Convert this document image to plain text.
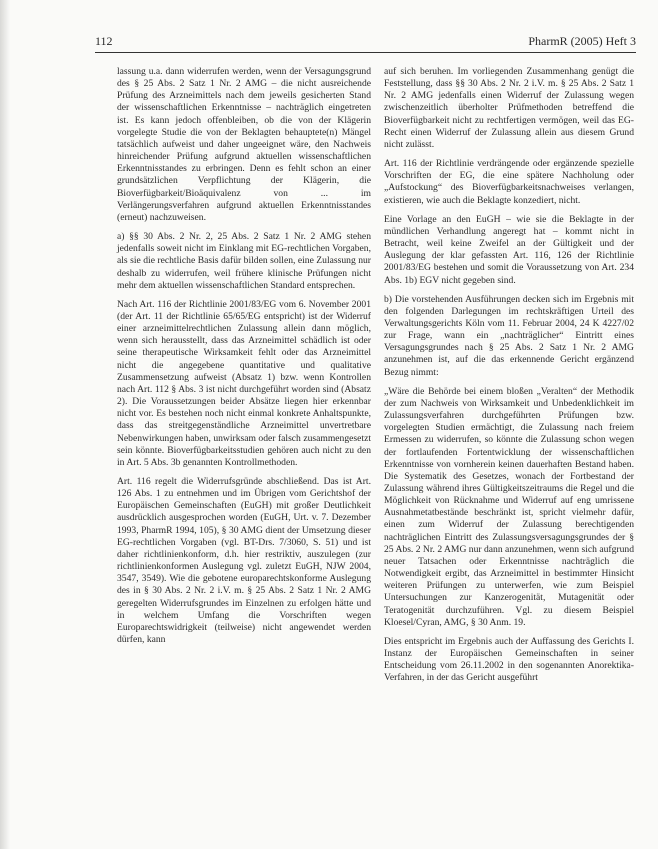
112	PharmR (2005) Heft 3

lassung u.a. dann widerrufen werden, wenn der Versagungsgrund des § 25 Abs. 2 Satz 1 Nr. 2 AMG – die nicht ausreichende Prüfung des Arzneimittels nach dem jeweils gesicherten Stand der wissenschaftlichen Erkenntnisse – nachträglich eingetreten ist. Es kann jedoch offenbleiben, ob die von der Klägerin vorgelegte Studie die von der Beklagten behauptete(n) Mängel tatsächlich aufweist und daher ungeeignet wäre, den Nachweis hinreichender Prüfung aufgrund aktuellen wissenschaftlichen Erkenntnisstandes zu erbringen. Denn es fehlt schon an einer grundsätzlichen Verpflichtung der Klägerin, die Bioverfügbarkeit/Bioäquivalenz von ... im Verlängerungsverfahren aufgrund aktuellen Erkenntnisstandes (erneut) nachzuweisen.

a) §§ 30 Abs. 2 Nr. 2, 25 Abs. 2 Satz 1 Nr. 2 AMG stehen jedenfalls soweit nicht im Einklang mit EG-rechtlichen Vorgaben, als sie die rechtliche Basis dafür bilden sollen, eine Zulassung nur deshalb zu widerrufen, weil frühere klinische Prüfungen nicht mehr dem aktuellen wissenschaftlichen Standard entsprechen.

Nach Art. 116 der Richtlinie 2001/83/EG vom 6. November 2001 (der Art. 11 der Richtlinie 65/65/EG entspricht) ist der Widerruf einer arzneimittelrechtlichen Zulassung allein dann möglich, wenn sich herausstellt, dass das Arzneimittel schädlich ist oder seine therapeutische Wirksamkeit fehlt oder das Arzneimittel nicht die angegebene quantitative und qualitative Zusammensetzung aufweist (Absatz 1) bzw. wenn Kontrollen nach Art. 112 § Abs. 3 ist nicht durchgeführt worden sind (Absatz 2). Die Voraussetzungen beider Absätze liegen hier erkennbar nicht vor. Es bestehen noch nicht einmal konkrete Anhaltspunkte, dass das streitgegenständliche Arzneimittel unvertretbare Nebenwirkungen haben, unwirksam oder falsch zusammengesetzt sein könnte. Bioverfügbarkeitsstudien gehören auch nicht zu den in Art. 5 Abs. 3b genannten Kontrollmethoden.

Art. 116 regelt die Widerrufsgründe abschließend. Das ist Art. 126 Abs. 1 zu entnehmen und im Übrigen vom Gerichtshof der Europäischen Gemeinschaften (EuGH) mit großer Deutlichkeit ausdrücklich ausgesprochen worden (EuGH, Urt. v. 7. Dezember 1993, PharmR 1994, 105), § 30 AMG dient der Umsetzung dieser EG-rechtlichen Vorgaben (vgl. BT-Drs. 7/3060, S. 51) und ist daher richtlinienkonform, d.h. hier restriktiv, auszulegen (zur richtlinienkonformen Auslegung vgl. zuletzt EuGH, NJW 2004, 3547, 3549). Wie die gebotene europarechtskonforme Auslegung des in § 30 Abs. 2 Nr. 2 i.V. m. § 25 Abs. 2 Satz 1 Nr. 2 AMG geregelten Widerrufsgrundes im Einzelnen zu erfolgen hätte und in welchem Umfang die Vorschriften wegen Europarechtswidrigkeit (teilweise) nicht angewendet werden dürfen, kann

auf sich beruhen. Im vorliegenden Zusammenhang genügt die Feststellung, dass §§ 30 Abs. 2 Nr. 2 i.V. m. § 25 Abs. 2 Satz 1 Nr. 2 AMG jedenfalls einen Widerruf der Zulassung wegen zwischenzeitlich überholter Prüfmethoden betreffend die Bioverfügbarkeit nicht zu rechtfertigen vermögen, weil das EG-Recht einen Widerruf der Zulassung allein aus diesem Grund nicht zulässt.

Art. 116 der Richtlinie verdrängende oder ergänzende spezielle Vorschriften der EG, die eine spätere Nachholung oder „Aufstockung“ des Bioverfügbarkeitsnachweises verlangen, existieren, wie auch die Beklagte konzediert, nicht.

Eine Vorlage an den EuGH – wie sie die Beklagte in der mündlichen Verhandlung angeregt hat – kommt nicht in Betracht, weil keine Zweifel an der Gültigkeit und der Auslegung der klar gefassten Art. 116, 126 der Richtlinie 2001/83/EG bestehen und somit die Voraussetzung von Art. 234 Abs. 1b) EGV nicht gegeben sind.

b) Die vorstehenden Ausführungen decken sich im Ergebnis mit den folgenden Darlegungen im rechtskräftigen Urteil des Verwaltungsgerichts Köln vom 11. Februar 2004, 24 K 4227/02 zur Frage, wann ein „nachträglicher“ Eintritt eines Versagungsgrundes nach § 25 Abs. 2 Satz 1 Nr. 2 AMG anzunehmen ist, auf die das erkennende Gericht ergänzend Bezug nimmt:

„Wäre die Behörde bei einem bloßen „Veralten“ der Methodik der zum Nachweis von Wirksamkeit und Unbedenklichkeit im Zulassungsverfahren durchgeführten Prüfungen bzw. vorgelegten Studien ermächtigt, die Zulassung nach freiem Ermessen zu widerrufen, so könnte die Zulassung schon wegen der fortlaufenden Fortentwicklung der wissenschaftlichen Erkenntnisse von vornherein keinen dauerhaften Bestand haben. Die Systematik des Gesetzes, wonach der Fortbestand der Zulassung während ihres Gültigkeitszeitraums die Regel und die Möglichkeit von Rücknahme und Widerruf auf eng umrissene Ausnahmetatbestände beschränkt ist, spricht vielmehr dafür, einen zum Widerruf der Zulassung berechtigenden nachträglichen Eintritt des Zulassungsversagungsgrundes der § 25 Abs. 2 Nr. 2 AMG nur dann anzunehmen, wenn sich aufgrund neuer Tatsachen oder Erkenntnisse nachträglich die Notwendigkeit ergibt, das Arzneimittel in bestimmter Hinsicht weiteren Prüfungen zu unterwerfen, wie zum Beispiel Untersuchungen zur Kanzerogenität, Mutagenität oder Teratogenität durchzuführen. Vgl. zu diesem Beispiel Kloesel/Cyran, AMG, § 30 Anm. 19.

Dies entspricht im Ergebnis auch der Auffassung des Gerichts I. Instanz der Europäischen Gemeinschaften in seiner Entscheidung vom 26.11.2002 in den sogenannten Anorektika-Verfahren, in der das Gericht ausgeführt
